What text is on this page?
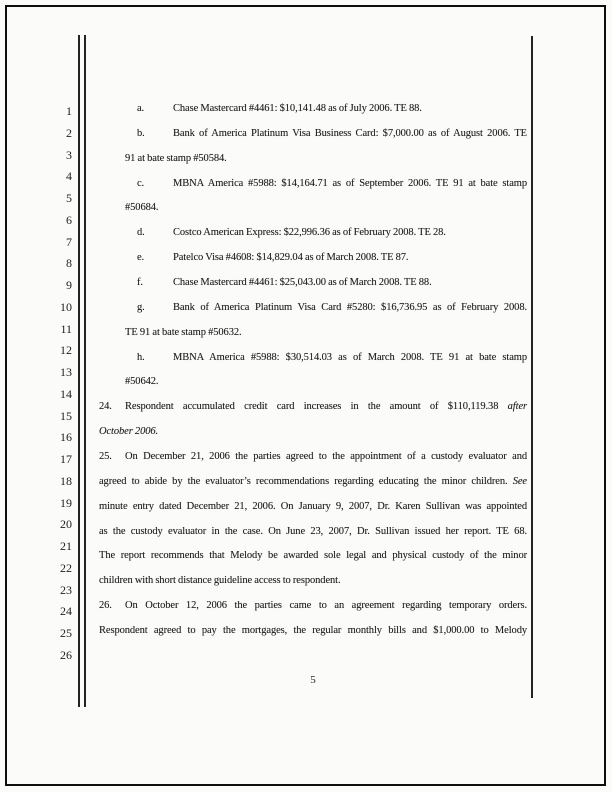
1
2
3
4
5
6
7
8
9
10
11
12
13
14
15
16
17
18
19
20
21
22
23
24
25
26
a.	Chase Mastercard #4461: $10,141.48 as of July 2006. TE 88.
b.	Bank of America Platinum Visa Business Card: $7,000.00 as of August 2006. TE
91 at bate stamp #50584.
c.	MBNA America #5988: $14,164.71 as of September 2006. TE 91 at bate stamp
#50684.
d.	Costco American Express: $22,996.36 as of February 2008. TE 28.
e.	Patelco Visa #4608: $14,829.04 as of March 2008. TE 87.
f.	Chase Mastercard #4461: $25,043.00 as of March 2008. TE 88.
g.	Bank of America Platinum Visa Card #5280: $16,736.95 as of February 2008.
TE 91 at bate stamp #50632.
h.	MBNA America #5988: $30,514.03 as of March 2008. TE 91 at bate stamp
#50642.
24. Respondent accumulated credit card increases in the amount of $110,119.38 after
October 2006.
25. On December 21, 2006 the parties agreed to the appointment of a custody evaluator and
agreed to abide by the evaluator’s recommendations regarding educating the minor children. See
minute entry dated December 21, 2006. On January 9, 2007, Dr. Karen Sullivan was appointed
as the custody evaluator in the case. On June 23, 2007, Dr. Sullivan issued her report. TE 68.
The report recommends that Melody be awarded sole legal and physical custody of the minor
children with short distance guideline access to respondent.
26. On October 12, 2006 the parties came to an agreement regarding temporary orders.
Respondent agreed to pay the mortgages, the regular monthly bills and $1,000.00 to Melody
5
